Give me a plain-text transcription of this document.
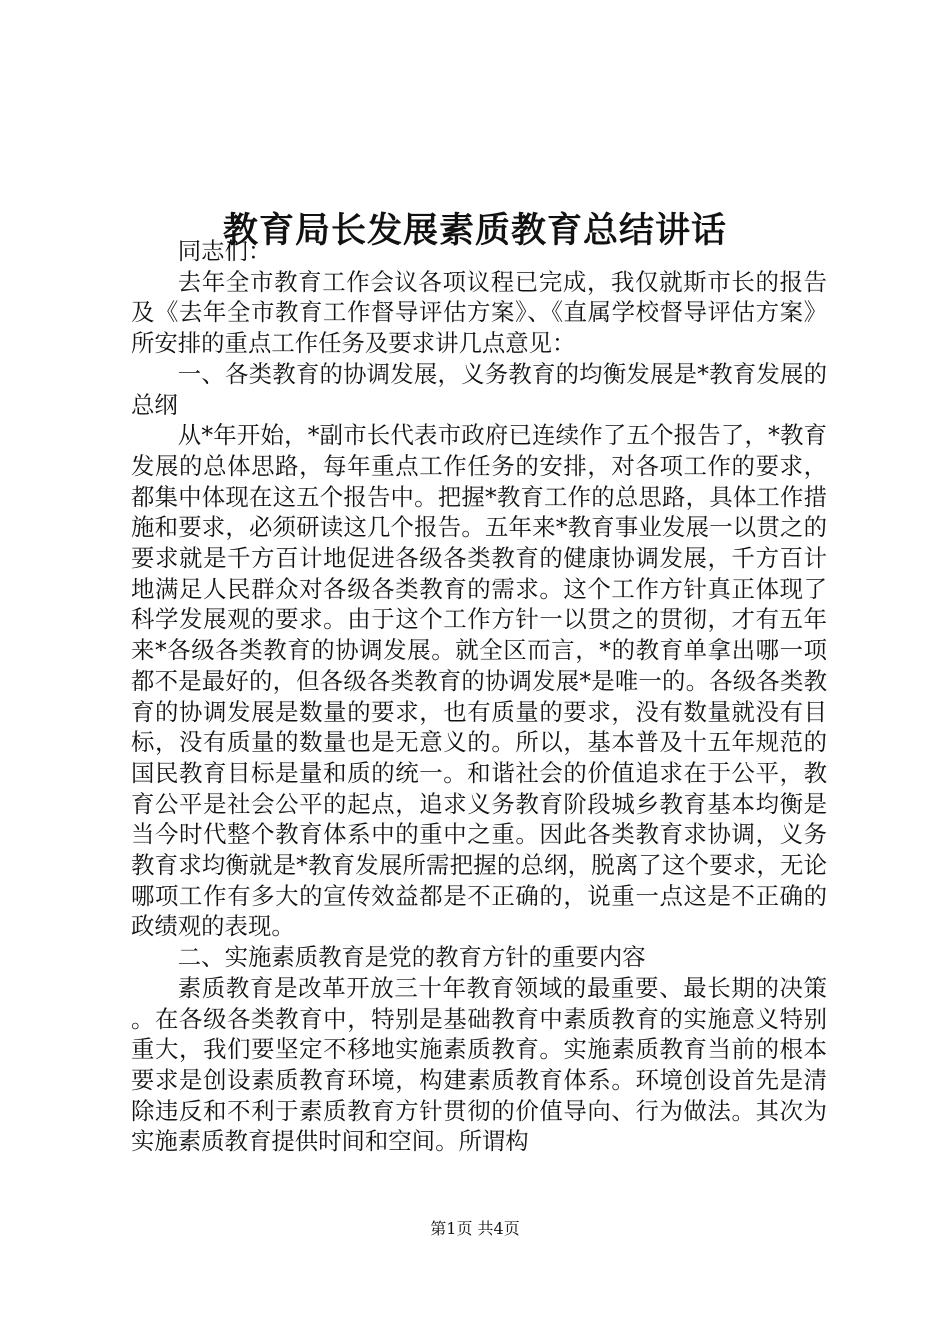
教育局长发展素质教育总结讲话

同志们：

去年全市教育工作会议各项议程已完成，我仅就斯市长的报告及《去年全市教育工作督导评估方案》、《直属学校督导评估方案》所安排的重点工作任务及要求讲几点意见：

一、各类教育的协调发展，义务教育的均衡发展是*教育发展的总纲

从*年开始，*副市长代表市政府已连续作了五个报告了，*教育发展的总体思路，每年重点工作任务的安排，对各项工作的要求，都集中体现在这五个报告中。把握*教育工作的总思路，具体工作措施和要求，必须研读这几个报告。五年来*教育事业发展一以贯之的要求就是千方百计地促进各级各类教育的健康协调发展，千方百计地满足人民群众对各级各类教育的需求。这个工作方针真正体现了科学发展观的要求。由于这个工作方针一以贯之的贯彻，才有五年来*各级各类教育的协调发展。就全区而言，*的教育单拿出哪一项都不是最好的，但各级各类教育的协调发展*是唯一的。各级各类教育的协调发展是数量的要求，也有质量的要求，没有数量就没有目标，没有质量的数量也是无意义的。所以，基本普及十五年规范的国民教育目标是量和质的统一。和谐社会的价值追求在于公平，教育公平是社会公平的起点，追求义务教育阶段城乡教育基本均衡是当今时代整个教育体系中的重中之重。因此各类教育求协调，义务教育求均衡就是*教育发展所需把握的总纲，脱离了这个要求，无论哪项工作有多大的宣传效益都是不正确的，说重一点这是不正确的政绩观的表现。

二、实施素质教育是党的教育方针的重要内容

素质教育是改革开放三十年教育领域的最重要、最长期的决策。在各级各类教育中，特别是基础教育中素质教育的实施意义特别重大，我们要坚定不移地实施素质教育。实施素质教育当前的根本要求是创设素质教育环境，构建素质教育体系。环境创设首先是清除违反和不利于素质教育方针贯彻的价值导向、行为做法。其次为实施素质教育提供时间和空间。所谓构

第1页 共4页
